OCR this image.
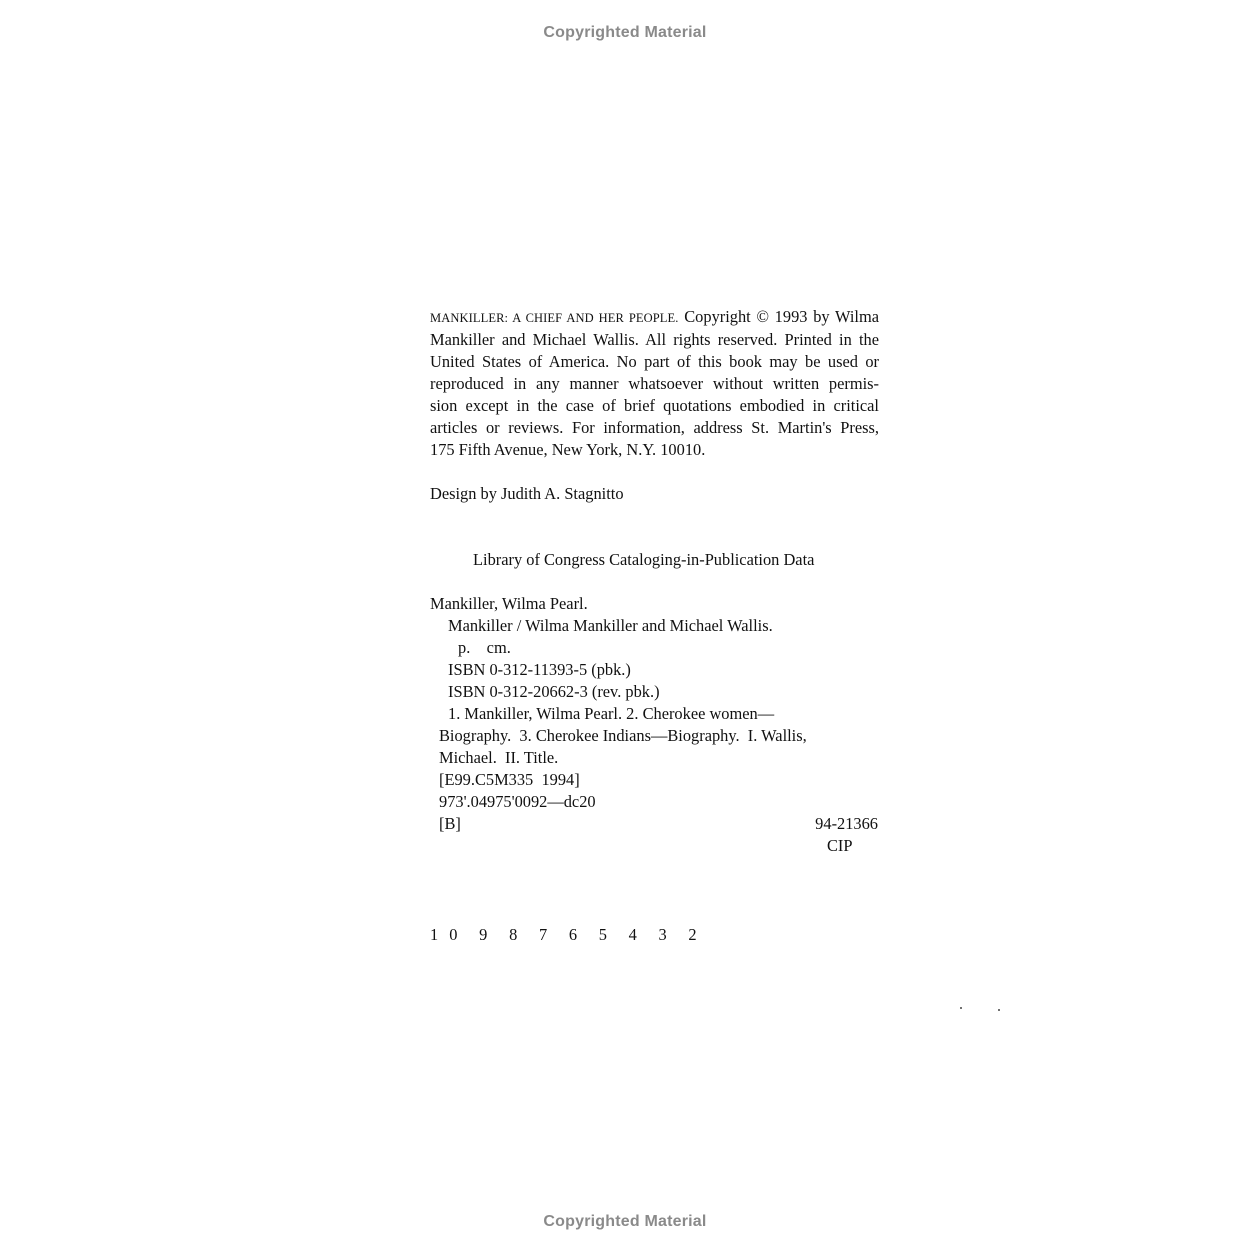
Copyrighted Material
MANKILLER: A CHIEF AND HER PEOPLE. Copyright © 1993 by Wilma
Mankiller and Michael Wallis. All rights reserved. Printed in the
United States of America. No part of this book may be used or
reproduced in any manner whatsoever without written permis-
sion except in the case of brief quotations embodied in critical
articles or reviews. For information, address St. Martin's Press,
175 Fifth Avenue, New York, N.Y. 10010.
Design by Judith A. Stagnitto
Library of Congress Cataloging-in-Publication Data
Mankiller, Wilma Pearl.
Mankiller / Wilma Mankiller and Michael Wallis.
p.    cm.
ISBN 0-312-11393-5 (pbk.)
ISBN 0-312-20662-3 (rev. pbk.)
1. Mankiller, Wilma Pearl. 2. Cherokee women—
Biography.  3. Cherokee Indians—Biography.  I. Wallis,
Michael.  II. Title.
[E99.C5M335  1994]
973'.04975'0092—dc20
[B]	94-21366
CIP
1 0  9  8  7  6  5  4  3  2
Copyrighted Material
